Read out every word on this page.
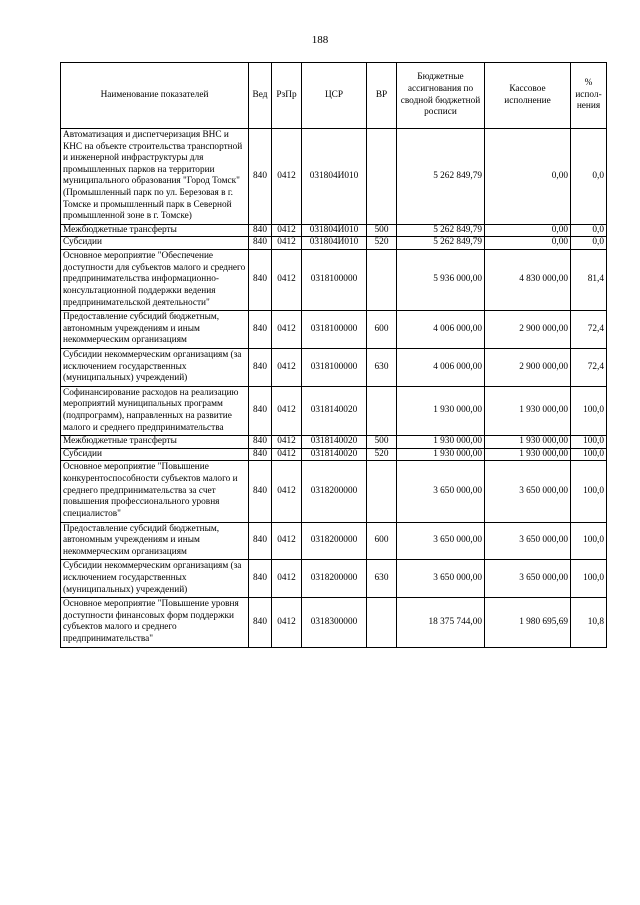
188
Наименование показателей	Вед	РзПр	ЦСР	ВР	Бюджетные ассигнования по сводной бюджетной росписи	Кассовое исполнение	% испол-нения
Автоматизация и диспетчеризация ВНС и КНС на объекте строительства транспортной и инженерной инфраструктуры для промышленных парков на территории муниципального образования "Город Томск" (Промышленный парк по ул. Березовая в г. Томске и промышленный парк в Северной промышленной зоне в г. Томске)	840	0412	031804И010		5 262 849,79	0,00	0,0
Межбюджетные трансферты	840	0412	031804И010	500	5 262 849,79	0,00	0,0
Субсидии	840	0412	031804И010	520	5 262 849,79	0,00	0,0
Основное мероприятие "Обеспечение доступности для субъектов малого и среднего предпринимательства информационно-консультационной поддержки ведения предпринимательской деятельности"	840	0412	0318100000		5 936 000,00	4 830 000,00	81,4
Предоставление субсидий бюджетным, автономным учреждениям и иным некоммерческим организациям	840	0412	0318100000	600	4 006 000,00	2 900 000,00	72,4
Субсидии некоммерческим организациям (за исключением государственных (муниципальных) учреждений)	840	0412	0318100000	630	4 006 000,00	2 900 000,00	72,4
Софинансирование расходов на реализацию мероприятий муниципальных программ (подпрограмм), направленных на развитие малого и среднего предпринимательства	840	0412	0318140020		1 930 000,00	1 930 000,00	100,0
Межбюджетные трансферты	840	0412	0318140020	500	1 930 000,00	1 930 000,00	100,0
Субсидии	840	0412	0318140020	520	1 930 000,00	1 930 000,00	100,0
Основное мероприятие "Повышение конкурентоспособности субъектов малого и среднего предпринимательства за счет повышения профессионального уровня специалистов"	840	0412	0318200000		3 650 000,00	3 650 000,00	100,0
Предоставление субсидий бюджетным, автономным учреждениям и иным некоммерческим организациям	840	0412	0318200000	600	3 650 000,00	3 650 000,00	100,0
Субсидии некоммерческим организациям (за исключением государственных (муниципальных) учреждений)	840	0412	0318200000	630	3 650 000,00	3 650 000,00	100,0
Основное мероприятие "Повышение уровня доступности финансовых форм поддержки субъектов малого и среднего предпринимательства"	840	0412	0318300000		18 375 744,00	1 980 695,69	10,8
